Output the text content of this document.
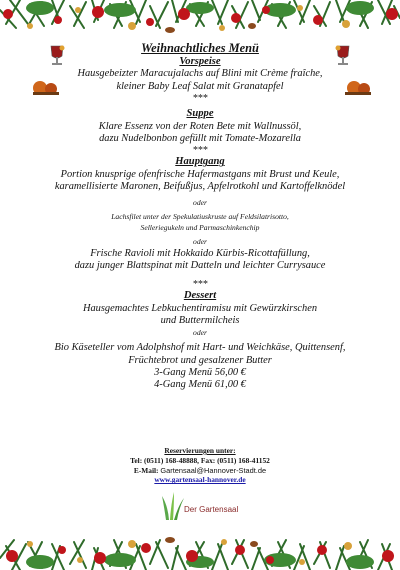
Weihnachtliches Menü
Vorspeise
Hausgebeizter Maracujalachs auf Blini mit Crème fraîche,
kleiner Baby Leaf Salat mit Granatapfel
***
Suppe
Klare Essenz von der Roten Bete mit Wallnussöl,
dazu Nudelbonbon gefüllt mit Tomate-Mozarella
***
Hauptgang
Portion knusprige ofenfrische Hafermastgans mit Brust und Keule,
karamellisierte Maronen, Beifußjus, Apfelrotkohl und Kartoffelknödel
oder
Lachsfilet unter der Spekulatiuskruste auf Feldsilatrisotto,
Selleriegukeln und Parmaschinkenchip
oder
Frische Ravioli mit Hokkaido Kürbis-Ricottafüllung,
dazu junger Blattspinat mit Datteln und leichter Currysauce
***
Dessert
Hausgemachtes Lebkuchentiramisu mit Gewürzkirschen
und Buttermilcheis
oder
Bio Käseteller vom Adolphshof mit Hart- und Weichkäse, Quittensenf,
Früchtebrot und gesalzener Butter
3-Gang Menü 56,00 €
4-Gang Menü 61,00 €
Reservierungen unter:
Tel: (0511) 168-48888, Fax: (0511) 168-41152
E-Mail: Gartensaal@Hannover-Stadt.de
www.gartensaal-hannover.de
Der Gartensaal
